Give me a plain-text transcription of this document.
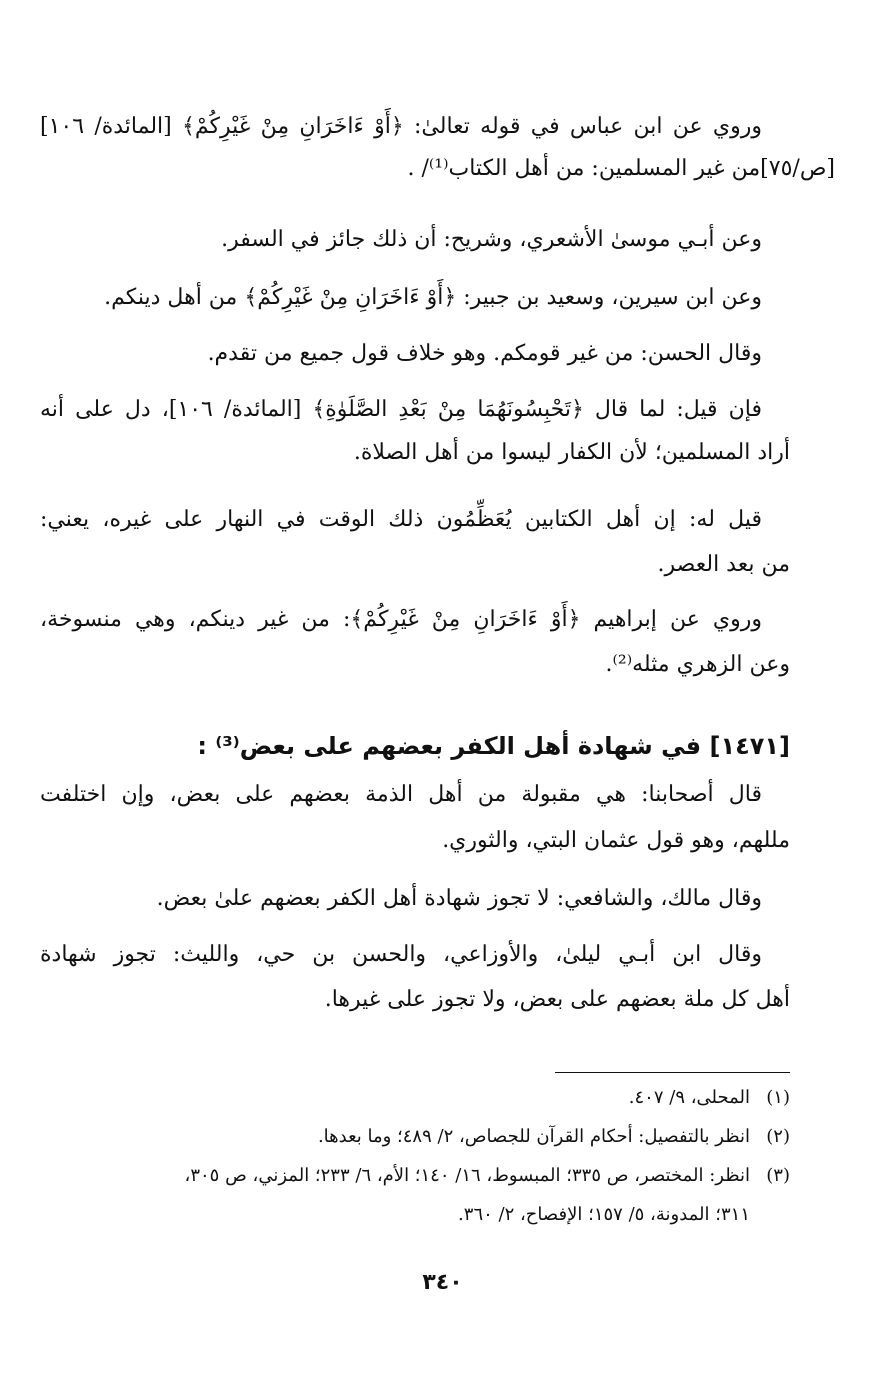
وروي عن ابن عباس في قوله تعالىٰ: ﴿أَوْ ءَاخَرَانِ مِنْ غَيْرِكُمْ﴾ [المائدة/ ١٠٦]
[ص/٧٥]من غير المسلمين: من أهل الكتاب⁽¹⁾/ .
وعن أبـي موسىٰ الأشعري، وشريح: أن ذلك جائز في السفر.
وعن ابن سيرين، وسعيد بن جبير: ﴿أَوْ ءَاخَرَانِ مِنْ غَيْرِكُمْ﴾ من أهل دينكم.
وقال الحسن: من غير قومكم. وهو خلاف قول جميع من تقدم.
فإن قيل: لما قال ﴿تَحْبِسُونَهُمَا مِنْ بَعْدِ الصَّلَوٰةِ﴾ [المائدة/ ١٠٦]، دل على أنه
أراد المسلمين؛ لأن الكفار ليسوا من أهل الصلاة.
قيل له: إن أهل الكتابين يُعَظِّمُون ذلك الوقت في النهار على غيره، يعني:
من بعد العصر.
وروي عن إبراهيم ﴿أَوْ ءَاخَرَانِ مِنْ غَيْرِكُمْ﴾: من غير دينكم، وهي منسوخة،
وعن الزهري مثله⁽²⁾.
[١٤٧١] في شهادة أهل الكفر بعضهم على بعض⁽³⁾ :
قال أصحابنا: هي مقبولة من أهل الذمة بعضهم على بعض، وإن اختلفت
مللهم، وهو قول عثمان البتي، والثوري.
وقال مالك، والشافعي: لا تجوز شهادة أهل الكفر بعضهم علىٰ بعض.
وقال ابن أبـي ليلىٰ، والأوزاعي، والحسن بن حي، والليث: تجوز شهادة
أهل كل ملة بعضهم على بعض، ولا تجوز على غيرها.
(١)المحلى، ٩/ ٤٠٧.
(٢)انظر بالتفصيل: أحكام القرآن للجصاص، ٢/ ٤٨٩؛ وما بعدها.
(٣)انظر: المختصر، ص ٣٣٥؛ المبسوط، ١٦/ ١٤٠؛ الأم، ٦/ ٢٣٣؛ المزني، ص ٣٠٥،
٣١١؛ المدونة، ٥/ ١٥٧؛ الإفصاح، ٢/ ٣٦٠.
٣٤٠
